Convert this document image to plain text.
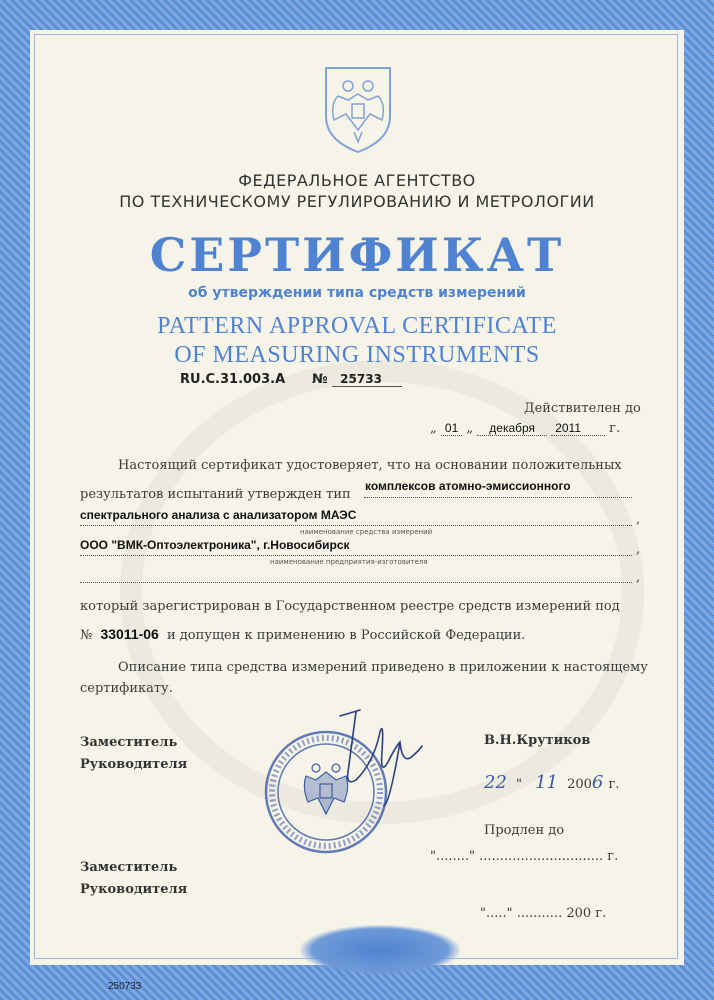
ФЕДЕРАЛЬНОЕ АГЕНТСТВО
ПО ТЕХНИЧЕСКОМУ РЕГУЛИРОВАНИЮ И МЕТРОЛОГИИ
СЕРТИФИКАТ
об утверждении типа средств измерений
PATTERN APPROVAL CERTIFICATE
OF MEASURING INSTRUMENTS
RU.C.31.003.A № 25733
Действителен до
„ 01 „ декабря 2011 г.
Настоящий сертификат удостоверяет, что на основании положительных
результатов испытаний утвержден тип
комплексов атомно-эмиссионного
спектрального анализа с анализатором МАЭС	,
наименование средства измерений
ООО "ВМК-Оптоэлектроника", г.Новосибирск	,
наименование предприятия-изготовителя
,
который зарегистрирован в Государственном реестре средств измерений под
№ 33011-06 и допущен к применению в Российской Федерации.
Описание типа средства измерений приведено в приложении к настоящему
сертификату.
Заместитель
Руководителя
В.Н.Крутиков
22 " 11 2006 г.
Продлен до
"........" .............................. г.
Заместитель
Руководителя
"....." ........... 200 г.
250733
